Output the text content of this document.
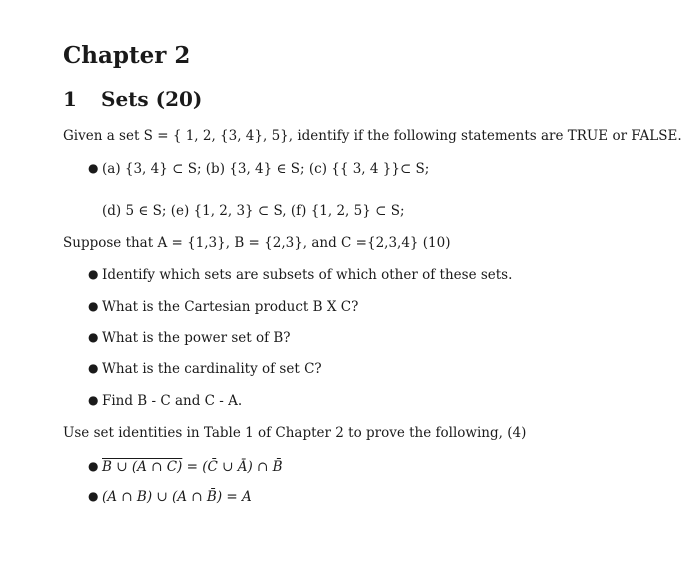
Chapter 2
1 Sets (20)
Given a set S = { 1, 2, {3, 4}, 5}, identify if the following statements are TRUE or FALSE.
● (a) {3, 4} ⊂ S; (b) {3, 4} ∈ S; (c) {{ 3, 4 }}⊂ S;
(d) 5 ∈ S; (e) {1, 2, 3} ⊂ S, (f) {1, 2, 5} ⊂ S;
Suppose that A = {1,3}, B = {2,3}, and C ={2,3,4} (10)
● Identify which sets are subsets of which other of these sets.
● What is the Cartesian product B X C?
● What is the power set of B?
● What is the cardinality of set C?
● Find B - C and C - A.
Use set identities in Table 1 of Chapter 2 to prove the following, (4)
● B ∪ (A ∩ C) = (C̄ ∪ Ā) ∩ B̄
● (A ∩ B) ∪ (A ∩ B̄) = A
